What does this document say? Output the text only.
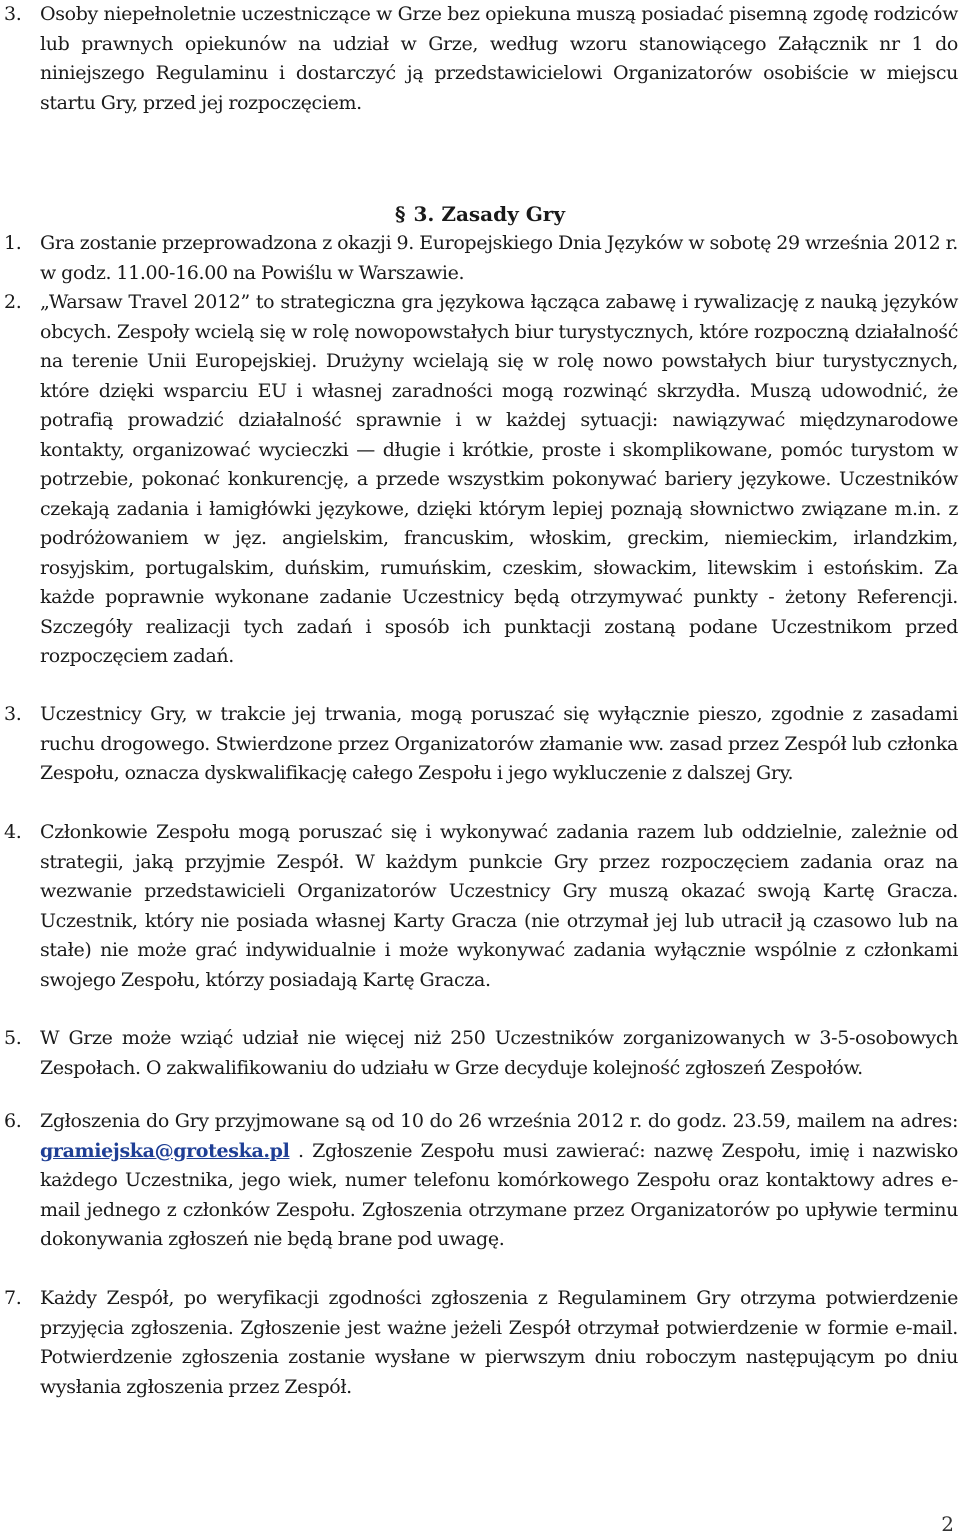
3. Osoby niepełnoletnie uczestniczące w Grze bez opiekuna muszą posiadać pisemną zgodę rodziców lub prawnych opiekunów na udział w Grze, według wzoru stanowiącego Załącznik nr 1 do niniejszego Regulaminu i dostarczyć ją przedstawicielowi Organizatorów osobiście w miejscu startu Gry, przed jej rozpoczęciem.
§ 3. Zasady Gry
1. Gra zostanie przeprowadzona z okazji 9. Europejskiego Dnia Języków w sobotę 29 września 2012 r. w godz. 11.00-16.00 na Powiślu w Warszawie.
2. „Warsaw Travel 2012” to strategiczna gra językowa łącząca zabawę i rywalizację z nauką języków obcych. Zespoły wcielą się w rolę nowopowstałych biur turystycznych, które rozpoczną działalność na terenie Unii Europejskiej. Drużyny wcielają się w rolę nowo powstałych biur turystycznych, które dzięki wsparciu EU i własnej zaradności mogą rozwinąć skrzydła. Muszą udowodnić, że potrafią prowadzić działalność sprawnie i w każdej sytuacji: nawiązywać międzynarodowe kontakty, organizować wycieczki — długie i krótkie, proste i skomplikowane, pomóc turystom w potrzebie, pokonać konkurencję, a przede wszystkim pokonywać bariery językowe. Uczestników czekają zadania i łamigłówki językowe, dzięki którym lepiej poznają słownictwo związane m.in. z podróżowaniem w jęz. angielskim, francuskim, włoskim, greckim, niemieckim, irlandzkim, rosyjskim, portugalskim, duńskim, rumuńskim, czeskim, słowackim, litewskim i estońskim. Za każde poprawnie wykonane zadanie Uczestnicy będą otrzymywać punkty - żetony Referencji. Szczegóły realizacji tych zadań i sposób ich punktacji zostaną podane Uczestnikom przed rozpoczęciem zadań.
3. Uczestnicy Gry, w trakcie jej trwania, mogą poruszać się wyłącznie pieszo, zgodnie z zasadami ruchu drogowego. Stwierdzone przez Organizatorów złamanie ww. zasad przez Zespół lub członka Zespołu, oznacza dyskwalifikację całego Zespołu i jego wykluczenie z dalszej Gry.
4. Członkowie Zespołu mogą poruszać się i wykonywać zadania razem lub oddzielnie, zależnie od strategii, jaką przyjmie Zespół. W każdym punkcie Gry przez rozpoczęciem zadania oraz na wezwanie przedstawicieli Organizatorów Uczestnicy Gry muszą okazać swoją Kartę Gracza. Uczestnik, który nie posiada własnej Karty Gracza (nie otrzymał jej lub utracił ją czasowo lub na stałe) nie może grać indywidualnie i może wykonywać zadania wyłącznie wspólnie z członkami swojego Zespołu, którzy posiadają Kartę Gracza.
5. W Grze może wziąć udział nie więcej niż 250 Uczestników zorganizowanych w 3-5-osobowych Zespołach. O zakwalifikowaniu do udziału w Grze decyduje kolejność zgłoszeń Zespołów.
6. Zgłoszenia do Gry przyjmowane są od 10 do 26 września 2012 r. do godz. 23.59, mailem na adres: gramiejska@groteska.pl . Zgłoszenie Zespołu musi zawierać: nazwę Zespołu, imię i nazwisko każdego Uczestnika, jego wiek, numer telefonu komórkowego Zespołu oraz kontaktowy adres e-mail jednego z członków Zespołu. Zgłoszenia otrzymane przez Organizatorów po upływie terminu dokonywania zgłoszeń nie będą brane pod uwagę.
7. Każdy Zespół, po weryfikacji zgodności zgłoszenia z Regulaminem Gry otrzyma potwierdzenie przyjęcia zgłoszenia. Zgłoszenie jest ważne jeżeli Zespół otrzymał potwierdzenie w formie e-mail. Potwierdzenie zgłoszenia zostanie wysłane w pierwszym dniu roboczym następującym po dniu wysłania zgłoszenia przez Zespół.
2
